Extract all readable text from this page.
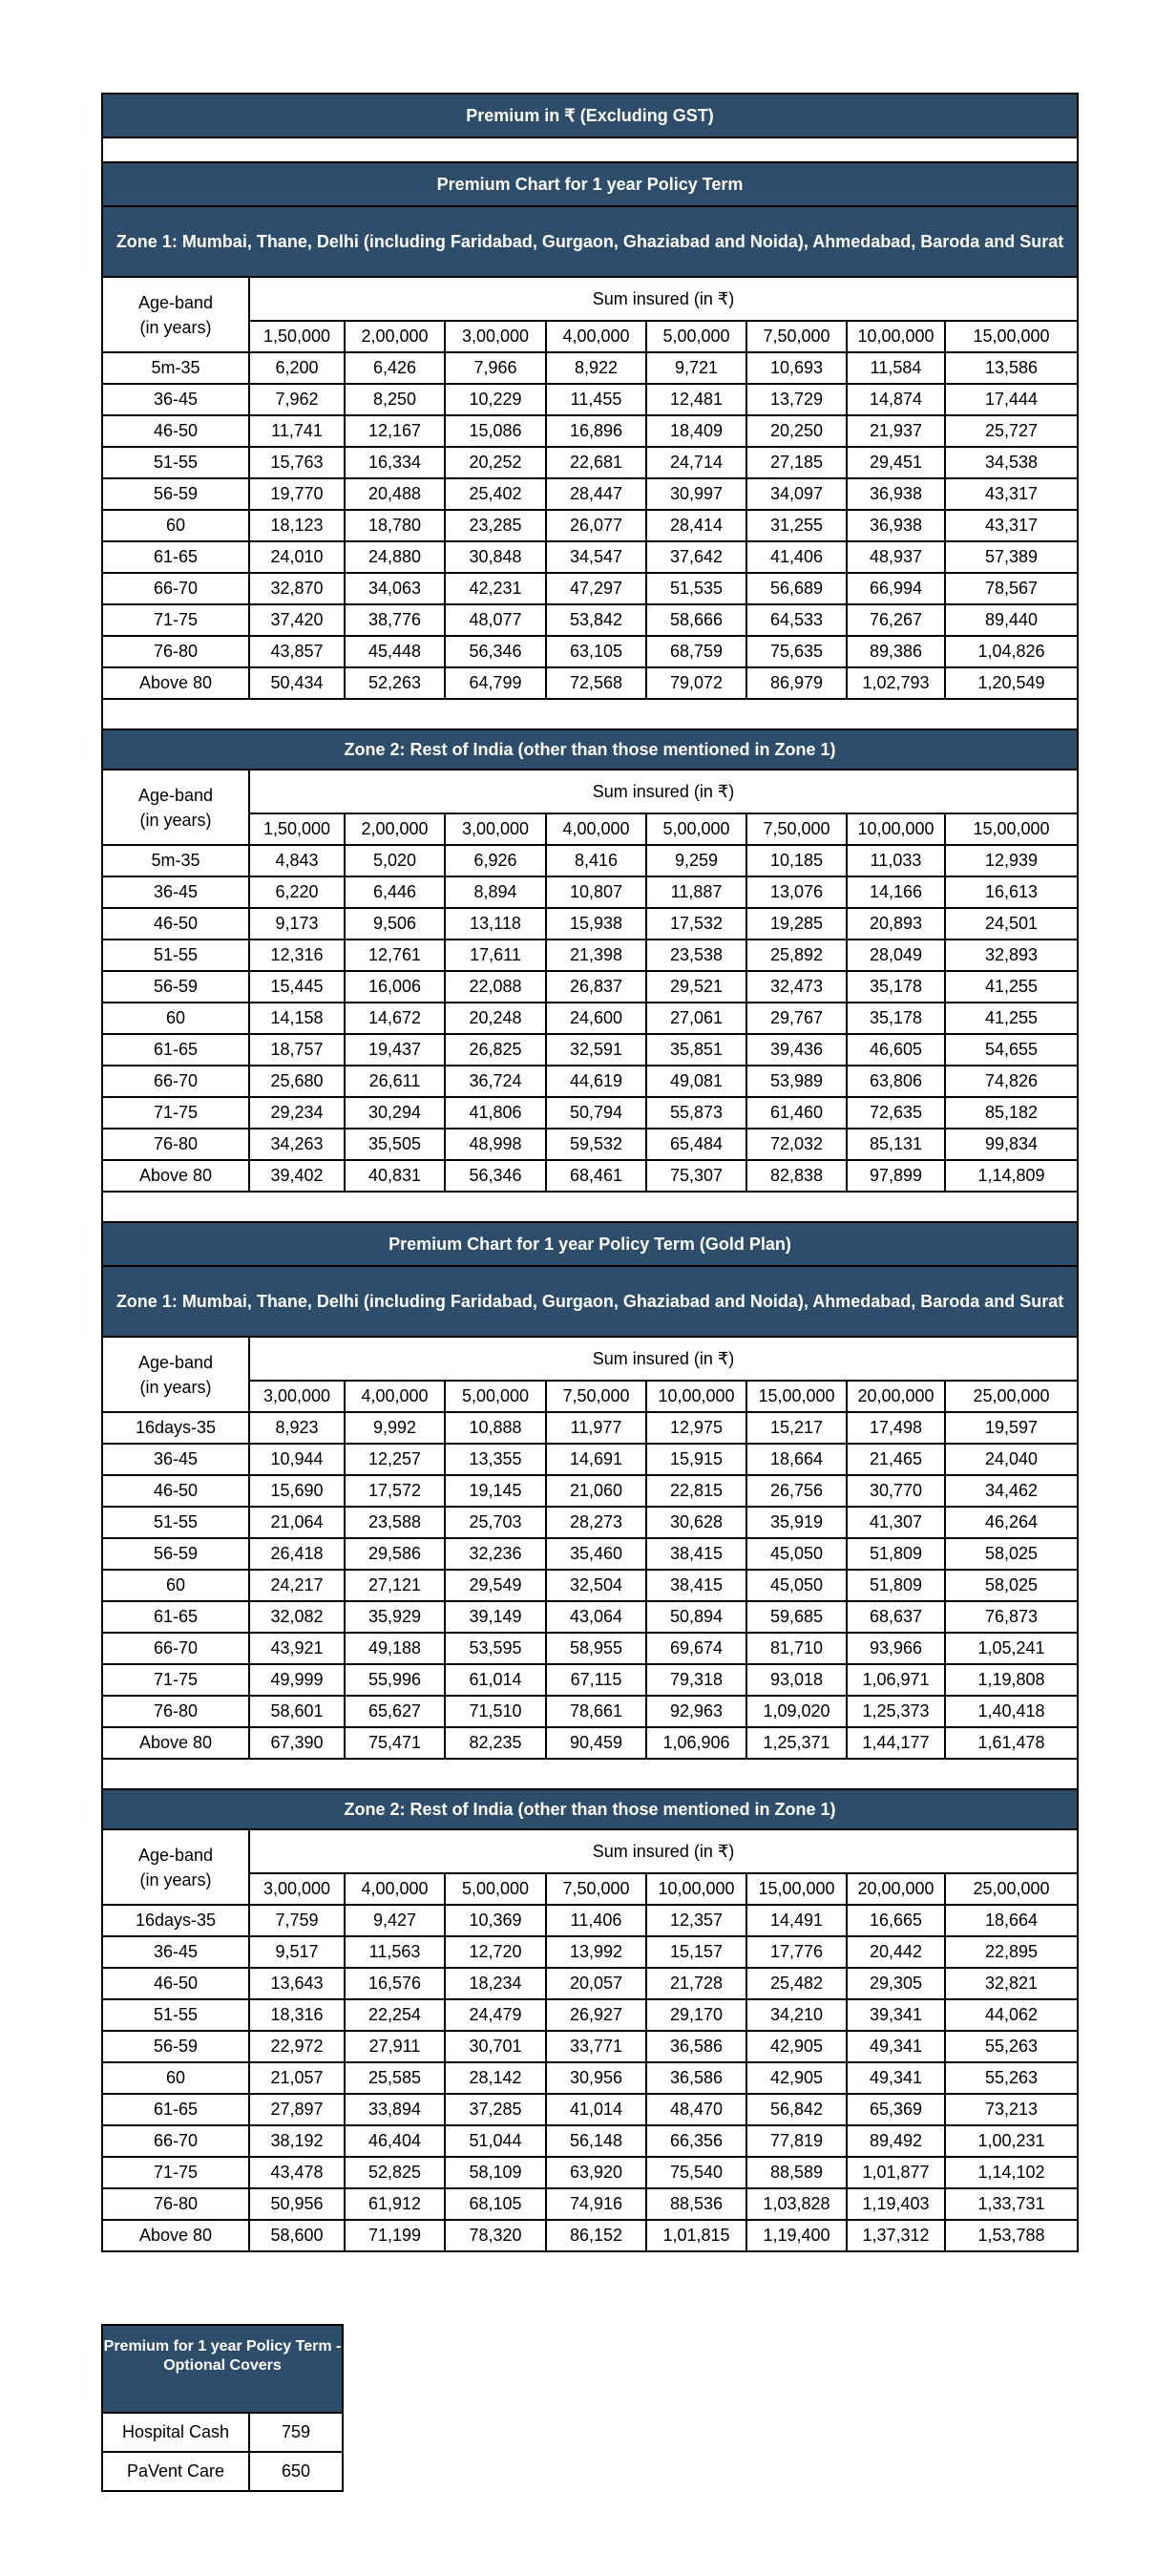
Premium in ₹ (Excluding GST)								

Premium Chart for 1 year Policy Term								
Zone 1: Mumbai, Thane, Delhi (including Faridabad, Gurgaon, Ghaziabad and Noida), Ahmedabad, Baroda and Surat								

Age-band
(in years)	Sum insured (in ₹)							
	1,50,000	2,00,000	3,00,000	4,00,000	5,00,000	7,50,000	10,00,000	15,00,000
5m-35	6,200	6,426	7,966	8,922	9,721	10,693	11,584	13,586
36-45	7,962	8,250	10,229	11,455	12,481	13,729	14,874	17,444
46-50	11,741	12,167	15,086	16,896	18,409	20,250	21,937	25,727
51-55	15,763	16,334	20,252	22,681	24,714	27,185	29,451	34,538
56-59	19,770	20,488	25,402	28,447	30,997	34,097	36,938	43,317
60	18,123	18,780	23,285	26,077	28,414	31,255	36,938	43,317
61-65	24,010	24,880	30,848	34,547	37,642	41,406	48,937	57,389
66-70	32,870	34,063	42,231	47,297	51,535	56,689	66,994	78,567
71-75	37,420	38,776	48,077	53,842	58,666	64,533	76,267	89,440
76-80	43,857	45,448	56,346	63,105	68,759	75,635	89,386	1,04,826
Above 80	50,434	52,263	64,799	72,568	79,072	86,979	1,02,793	1,20,549

Zone 2: Rest of India (other than those mentioned in Zone 1)								

Age-band
(in years)	Sum insured (in ₹)							
	1,50,000	2,00,000	3,00,000	4,00,000	5,00,000	7,50,000	10,00,000	15,00,000
5m-35	4,843	5,020	6,926	8,416	9,259	10,185	11,033	12,939
36-45	6,220	6,446	8,894	10,807	11,887	13,076	14,166	16,613
46-50	9,173	9,506	13,118	15,938	17,532	19,285	20,893	24,501
51-55	12,316	12,761	17,611	21,398	23,538	25,892	28,049	32,893
56-59	15,445	16,006	22,088	26,837	29,521	32,473	35,178	41,255
60	14,158	14,672	20,248	24,600	27,061	29,767	35,178	41,255
61-65	18,757	19,437	26,825	32,591	35,851	39,436	46,605	54,655
66-70	25,680	26,611	36,724	44,619	49,081	53,989	63,806	74,826
71-75	29,234	30,294	41,806	50,794	55,873	61,460	72,635	85,182
76-80	34,263	35,505	48,998	59,532	65,484	72,032	85,131	99,834
Above 80	39,402	40,831	56,346	68,461	75,307	82,838	97,899	1,14,809

Premium Chart for 1 year Policy Term (Gold Plan)								
Zone 1: Mumbai, Thane, Delhi (including Faridabad, Gurgaon, Ghaziabad and Noida), Ahmedabad, Baroda and Surat								

Age-band
(in years)	Sum insured (in ₹)							
	3,00,000	4,00,000	5,00,000	7,50,000	10,00,000	15,00,000	20,00,000	25,00,000
16days-35	8,923	9,992	10,888	11,977	12,975	15,217	17,498	19,597
36-45	10,944	12,257	13,355	14,691	15,915	18,664	21,465	24,040
46-50	15,690	17,572	19,145	21,060	22,815	26,756	30,770	34,462
51-55	21,064	23,588	25,703	28,273	30,628	35,919	41,307	46,264
56-59	26,418	29,586	32,236	35,460	38,415	45,050	51,809	58,025
60	24,217	27,121	29,549	32,504	38,415	45,050	51,809	58,025
61-65	32,082	35,929	39,149	43,064	50,894	59,685	68,637	76,873
66-70	43,921	49,188	53,595	58,955	69,674	81,710	93,966	1,05,241
71-75	49,999	55,996	61,014	67,115	79,318	93,018	1,06,971	1,19,808
76-80	58,601	65,627	71,510	78,661	92,963	1,09,020	1,25,373	1,40,418
Above 80	67,390	75,471	82,235	90,459	1,06,906	1,25,371	1,44,177	1,61,478

Zone 2: Rest of India (other than those mentioned in Zone 1)								

Age-band
(in years)	Sum insured (in ₹)							
	3,00,000	4,00,000	5,00,000	7,50,000	10,00,000	15,00,000	20,00,000	25,00,000
16days-35	7,759	9,427	10,369	11,406	12,357	14,491	16,665	18,664
36-45	9,517	11,563	12,720	13,992	15,157	17,776	20,442	22,895
46-50	13,643	16,576	18,234	20,057	21,728	25,482	29,305	32,821
51-55	18,316	22,254	24,479	26,927	29,170	34,210	39,341	44,062
56-59	22,972	27,911	30,701	33,771	36,586	42,905	49,341	55,263
60	21,057	25,585	28,142	30,956	36,586	42,905	49,341	55,263
61-65	27,897	33,894	37,285	41,014	48,470	56,842	65,369	73,213
66-70	38,192	46,404	51,044	56,148	66,356	77,819	89,492	1,00,231
71-75	43,478	52,825	58,109	63,920	75,540	88,589	1,01,877	1,14,102
76-80	50,956	61,912	68,105	74,916	88,536	1,03,828	1,19,403	1,33,731
Above 80	58,600	71,199	78,320	86,152	1,01,815	1,19,400	1,37,312	1,53,788
Premium for 1 year Policy Term - Optional Covers	
Hospital Cash	759
PaVent Care	650
